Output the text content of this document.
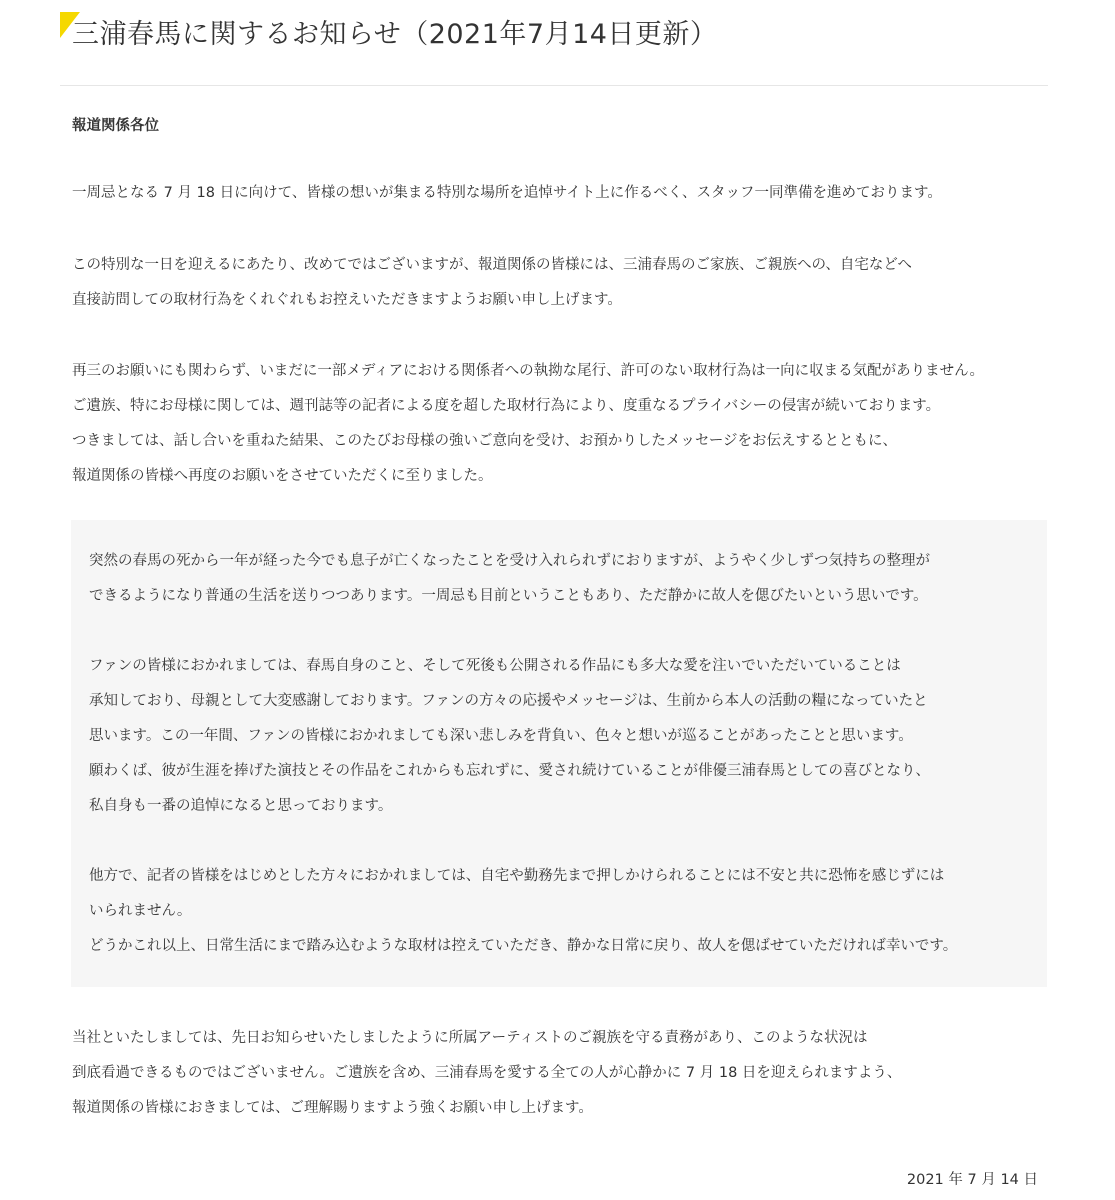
三浦春馬に関するお知らせ（2021年7月14日更新）

報道関係各位

一周忌となる 7 月 18 日に向けて、皆様の想いが集まる特別な場所を追悼サイト上に作るべく、スタッフ一同準備を進めております。

この特別な一日を迎えるにあたり、改めてではございますが、報道関係の皆様には、三浦春馬のご家族、ご親族への、自宅などへ

直接訪問しての取材行為をくれぐれもお控えいただきますようお願い申し上げます。

再三のお願いにも関わらず、いまだに一部メディアにおける関係者への執拗な尾行、許可のない取材行為は一向に収まる気配がありません。

ご遺族、特にお母様に関しては、週刊誌等の記者による度を超した取材行為により、度重なるプライバシーの侵害が続いております。

つきましては、話し合いを重ねた結果、このたびお母様の強いご意向を受け、お預かりしたメッセージをお伝えするとともに、

報道関係の皆様へ再度のお願いをさせていただくに至りました。

突然の春馬の死から一年が経った今でも息子が亡くなったことを受け入れられずにおりますが、ようやく少しずつ気持ちの整理が

できるようになり普通の生活を送りつつあります。一周忌も目前ということもあり、ただ静かに故人を偲びたいという思いです。

ファンの皆様におかれましては、春馬自身のこと、そして死後も公開される作品にも多大な愛を注いでいただいていることは

承知しており、母親として大変感謝しております。ファンの方々の応援やメッセージは、生前から本人の活動の糧になっていたと

思います。この一年間、ファンの皆様におかれましても深い悲しみを背負い、色々と想いが巡ることがあったことと思います。

願わくば、彼が生涯を捧げた演技とその作品をこれからも忘れずに、愛され続けていることが俳優三浦春馬としての喜びとなり、

私自身も一番の追悼になると思っております。

他方で、記者の皆様をはじめとした方々におかれましては、自宅や勤務先まで押しかけられることには不安と共に恐怖を感じずには

いられません。

どうかこれ以上、日常生活にまで踏み込むような取材は控えていただき、静かな日常に戻り、故人を偲ばせていただければ幸いです。

当社といたしましては、先日お知らせいたしましたように所属アーティストのご親族を守る責務があり、このような状況は

到底看過できるものではございません。ご遺族を含め、三浦春馬を愛する全ての人が心静かに 7 月 18 日を迎えられますよう、

報道関係の皆様におきましては、ご理解賜りますよう強くお願い申し上げます。

2021 年 7 月 14 日
